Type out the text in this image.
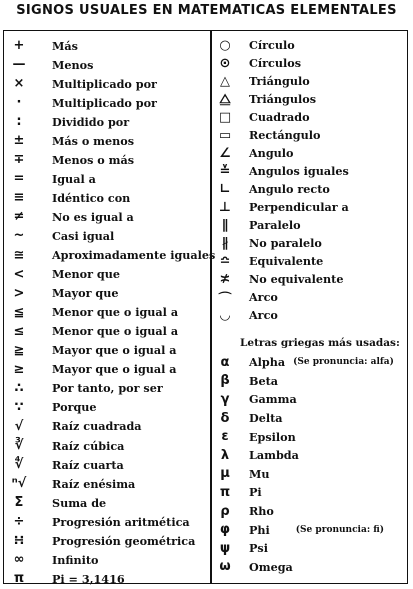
SIGNOS USUALES EN MATEMATICAS ELEMENTALES
+	Más
—	Menos
×	Multiplicado por
·	Multiplicado por
:	Dividido por
±	Más o menos
∓	Menos o más
=	Igual a
≡	Idéntico con
≠	No es igual a
~	Casi igual
≅	Aproximadamente iguales
<	Menor que
>	Mayor que
≦	Menor que o igual a
≤	Menor que o igual a
≧	Mayor que o igual a
≥	Mayor que o igual a
∴	Por tanto, por ser
∵	Porque
√	Raíz cuadrada
∛	Raíz cúbica
∜	Raíz cuarta
ⁿ√	Raíz enésima
Σ	Suma de
÷	Progresión aritmética
∺	Progresión geométrica
∞	Infinito
π	Pi = 3,1416
○	Círculo
⊙	Círculos
△	Triángulo
⧋	Triángulos
□	Cuadrado
▭	Rectángulo
∠	Angulo
≚	Angulos iguales
∟	Angulo recto
⊥	Perpendicular a
∥	Paralelo
∦	No paralelo
≏	Equivalente
≭	No equivalente
⌒	Arco
◡	Arco
Letras griegas más usadas:
α	Alpha (Se pronuncia: alfa)
β	Beta
γ	Gamma
δ	Delta
ε	Epsilon
λ	Lambda
μ	Mu
π	Pi
ρ	Rho
φ	Phi	(Se pronuncia: fi)
ψ	Psi
ω	Omega
